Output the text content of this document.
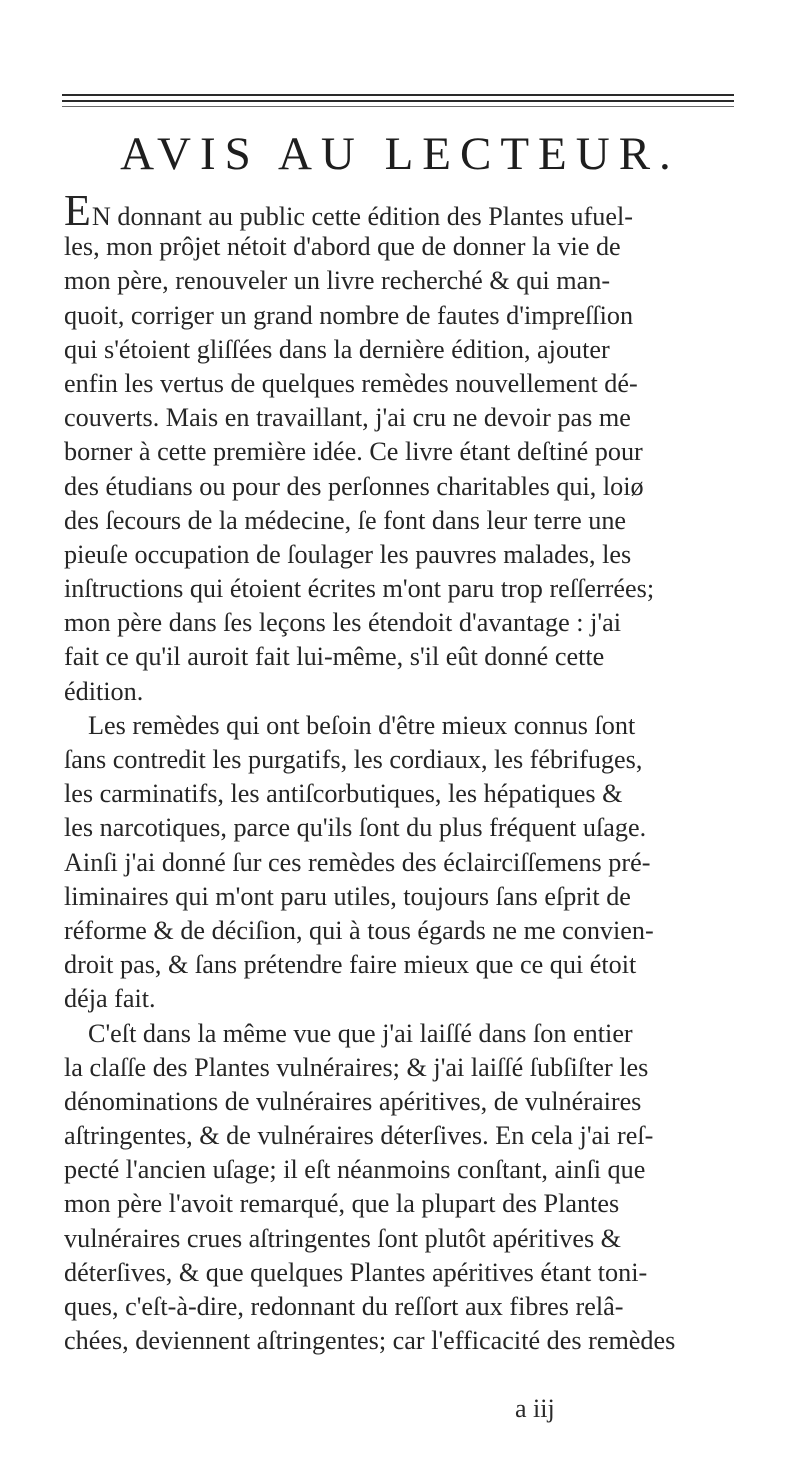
AVIS AU LECTEUR.
EN donnant au public cette édition des Plantes ufuel-
les, mon prôjet nétoit d'abord que de donner la vie de
mon père, renouveler un livre recherché & qui man-
quoit, corriger un grand nombre de fautes d'impreſſion
qui s'étoient gliſſées dans la dernière édition, ajouter
enfin les vertus de quelques remèdes nouvellement dé-
couverts. Mais en travaillant, j'ai cru ne devoir pas me
borner à cette première idée. Ce livre étant deſtiné pour
des étudians ou pour des perſonnes charitables qui, loiø
des ſecours de la médecine, ſe font dans leur terre une
pieuſe occupation de ſoulager les pauvres malades, les
inſtructions qui étoient écrites m'ont paru trop reſſerrées;
mon père dans ſes leçons les étendoit d'avantage : j'ai
fait ce qu'il auroit fait lui-même, s'il eût donné cette
édition.
Les remèdes qui ont beſoin d'être mieux connus ſont
ſans contredit les purgatifs, les cordiaux, les fébrifuges,
les carminatifs, les antiſcorbutiques, les hépatiques &
les narcotiques, parce qu'ils ſont du plus fréquent uſage.
Ainſi j'ai donné ſur ces remèdes des éclairciſſemens pré-
liminaires qui m'ont paru utiles, toujours ſans eſprit de
réforme & de déciſion, qui à tous égards ne me convien-
droit pas, & ſans prétendre faire mieux que ce qui étoit
déja fait.
C'eſt dans la même vue que j'ai laiſſé dans ſon entier
la claſſe des Plantes vulnéraires; & j'ai laiſſé ſubſiſter les
dénominations de vulnéraires apéritives, de vulnéraires
aſtringentes, & de vulnéraires déterſives. En cela j'ai reſ-
pecté l'ancien uſage; il eſt néanmoins conſtant, ainſi que
mon père l'avoit remarqué, que la plupart des Plantes
vulnéraires crues aſtringentes ſont plutôt apéritives &
déterſives, & que quelques Plantes apéritives étant toni-
ques, c'eſt-à-dire, redonnant du reſſort aux fibres relâ-
chées, deviennent aſtringentes; car l'efficacité des remèdes
a iij
